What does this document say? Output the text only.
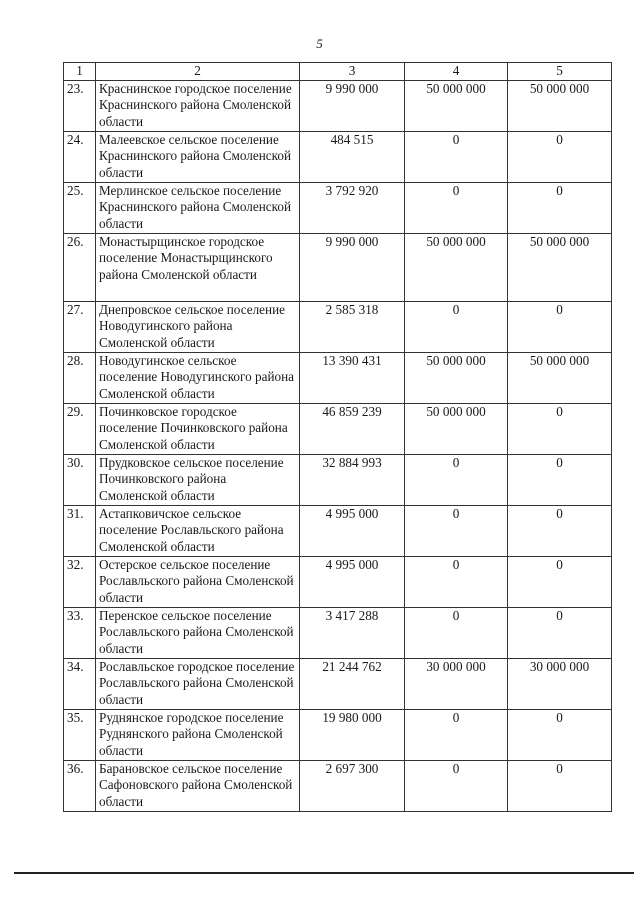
5
1	2	3	4	5
23.	Краснинское городское поселение Краснинского района Смоленской области	9 990 000	50 000 000	50 000 000
24.	Малеевское сельское поселение Краснинского района Смоленской области	484 515	0	0
25.	Мерлинское сельское поселение Краснинского района Смоленской области	3 792 920	0	0
26.	Монастырщинское городское поселение Монастырщинского района Смоленской области	9 990 000	50 000 000	50 000 000
27.	Днепровское сельское поселение Новодугинского района Смоленской области	2 585 318	0	0
28.	Новодугинское сельское поселение Новодугинского района Смоленской области	13 390 431	50 000 000	50 000 000
29.	Починковское городское поселение Починковского района Смоленской области	46 859 239	50 000 000	0
30.	Прудковское сельское поселение Починковского района Смоленской области	32 884 993	0	0
31.	Астапковичское сельское поселение Рославльского района Смоленской области	4 995 000	0	0
32.	Остерское сельское поселение Рославльского района Смоленской области	4 995 000	0	0
33.	Перенское сельское поселение Рославльского района Смоленской области	3 417 288	0	0
34.	Рославльское городское поселение Рославльского района Смоленской области	21 244 762	30 000 000	30 000 000
35.	Руднянское городское поселение Руднянского района Смоленской области	19 980 000	0	0
36.	Барановское сельское поселение Сафоновского района Смоленской области	2 697 300	0	0
